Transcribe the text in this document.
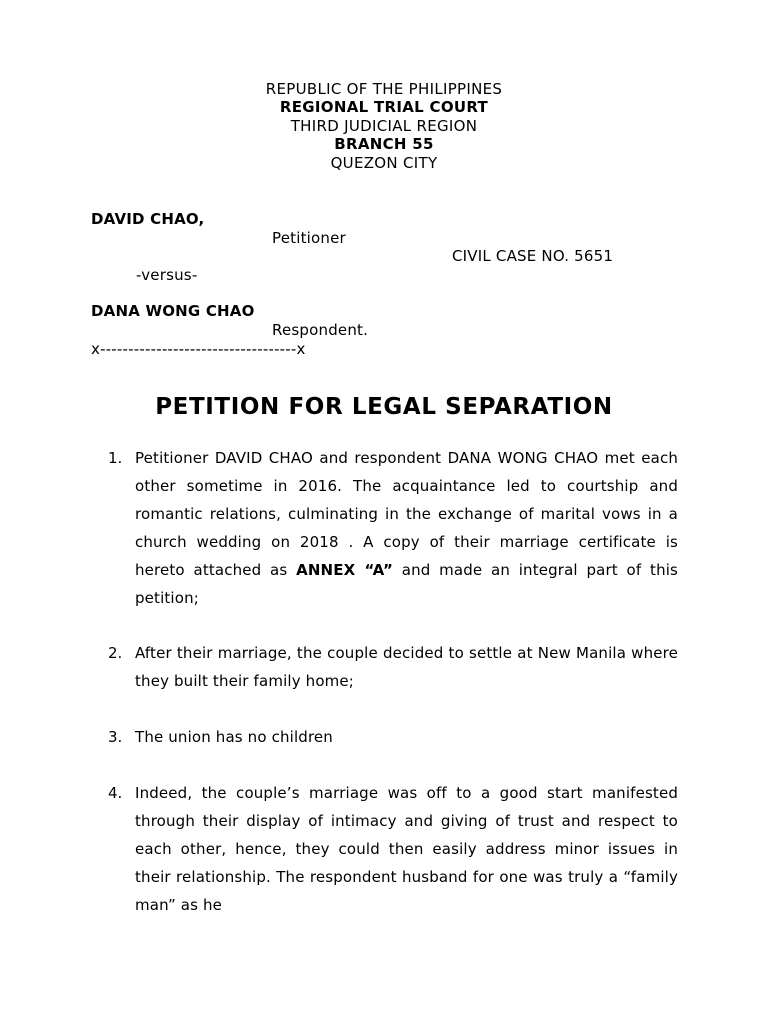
REPUBLIC OF THE PHILIPPINES
REGIONAL TRIAL COURT
THIRD JUDICIAL REGION
BRANCH 55
QUEZON CITY
DAVID CHAO,
Petitioner
CIVIL CASE NO. 5651
-versus-
DANA WONG CHAO
Respondent.
x-----------------------------------x
PETITION FOR LEGAL SEPARATION
1. Petitioner DAVID CHAO and respondent DANA WONG CHAO met each other sometime in 2016. The acquaintance led to courtship and romantic relations, culminating in the exchange of marital vows in a church wedding on 2018 . A copy of their marriage certificate is hereto attached as ANNEX “A” and made an integral part of this petition;
2. After their marriage, the couple decided to settle at New Manila where they built their family home;
3. The union has no children
4. Indeed, the couple’s marriage was off to a good start manifested through their display of intimacy and giving of trust and respect to each other, hence, they could then easily address minor issues in their relationship. The respondent husband for one was truly a “family man” as he
